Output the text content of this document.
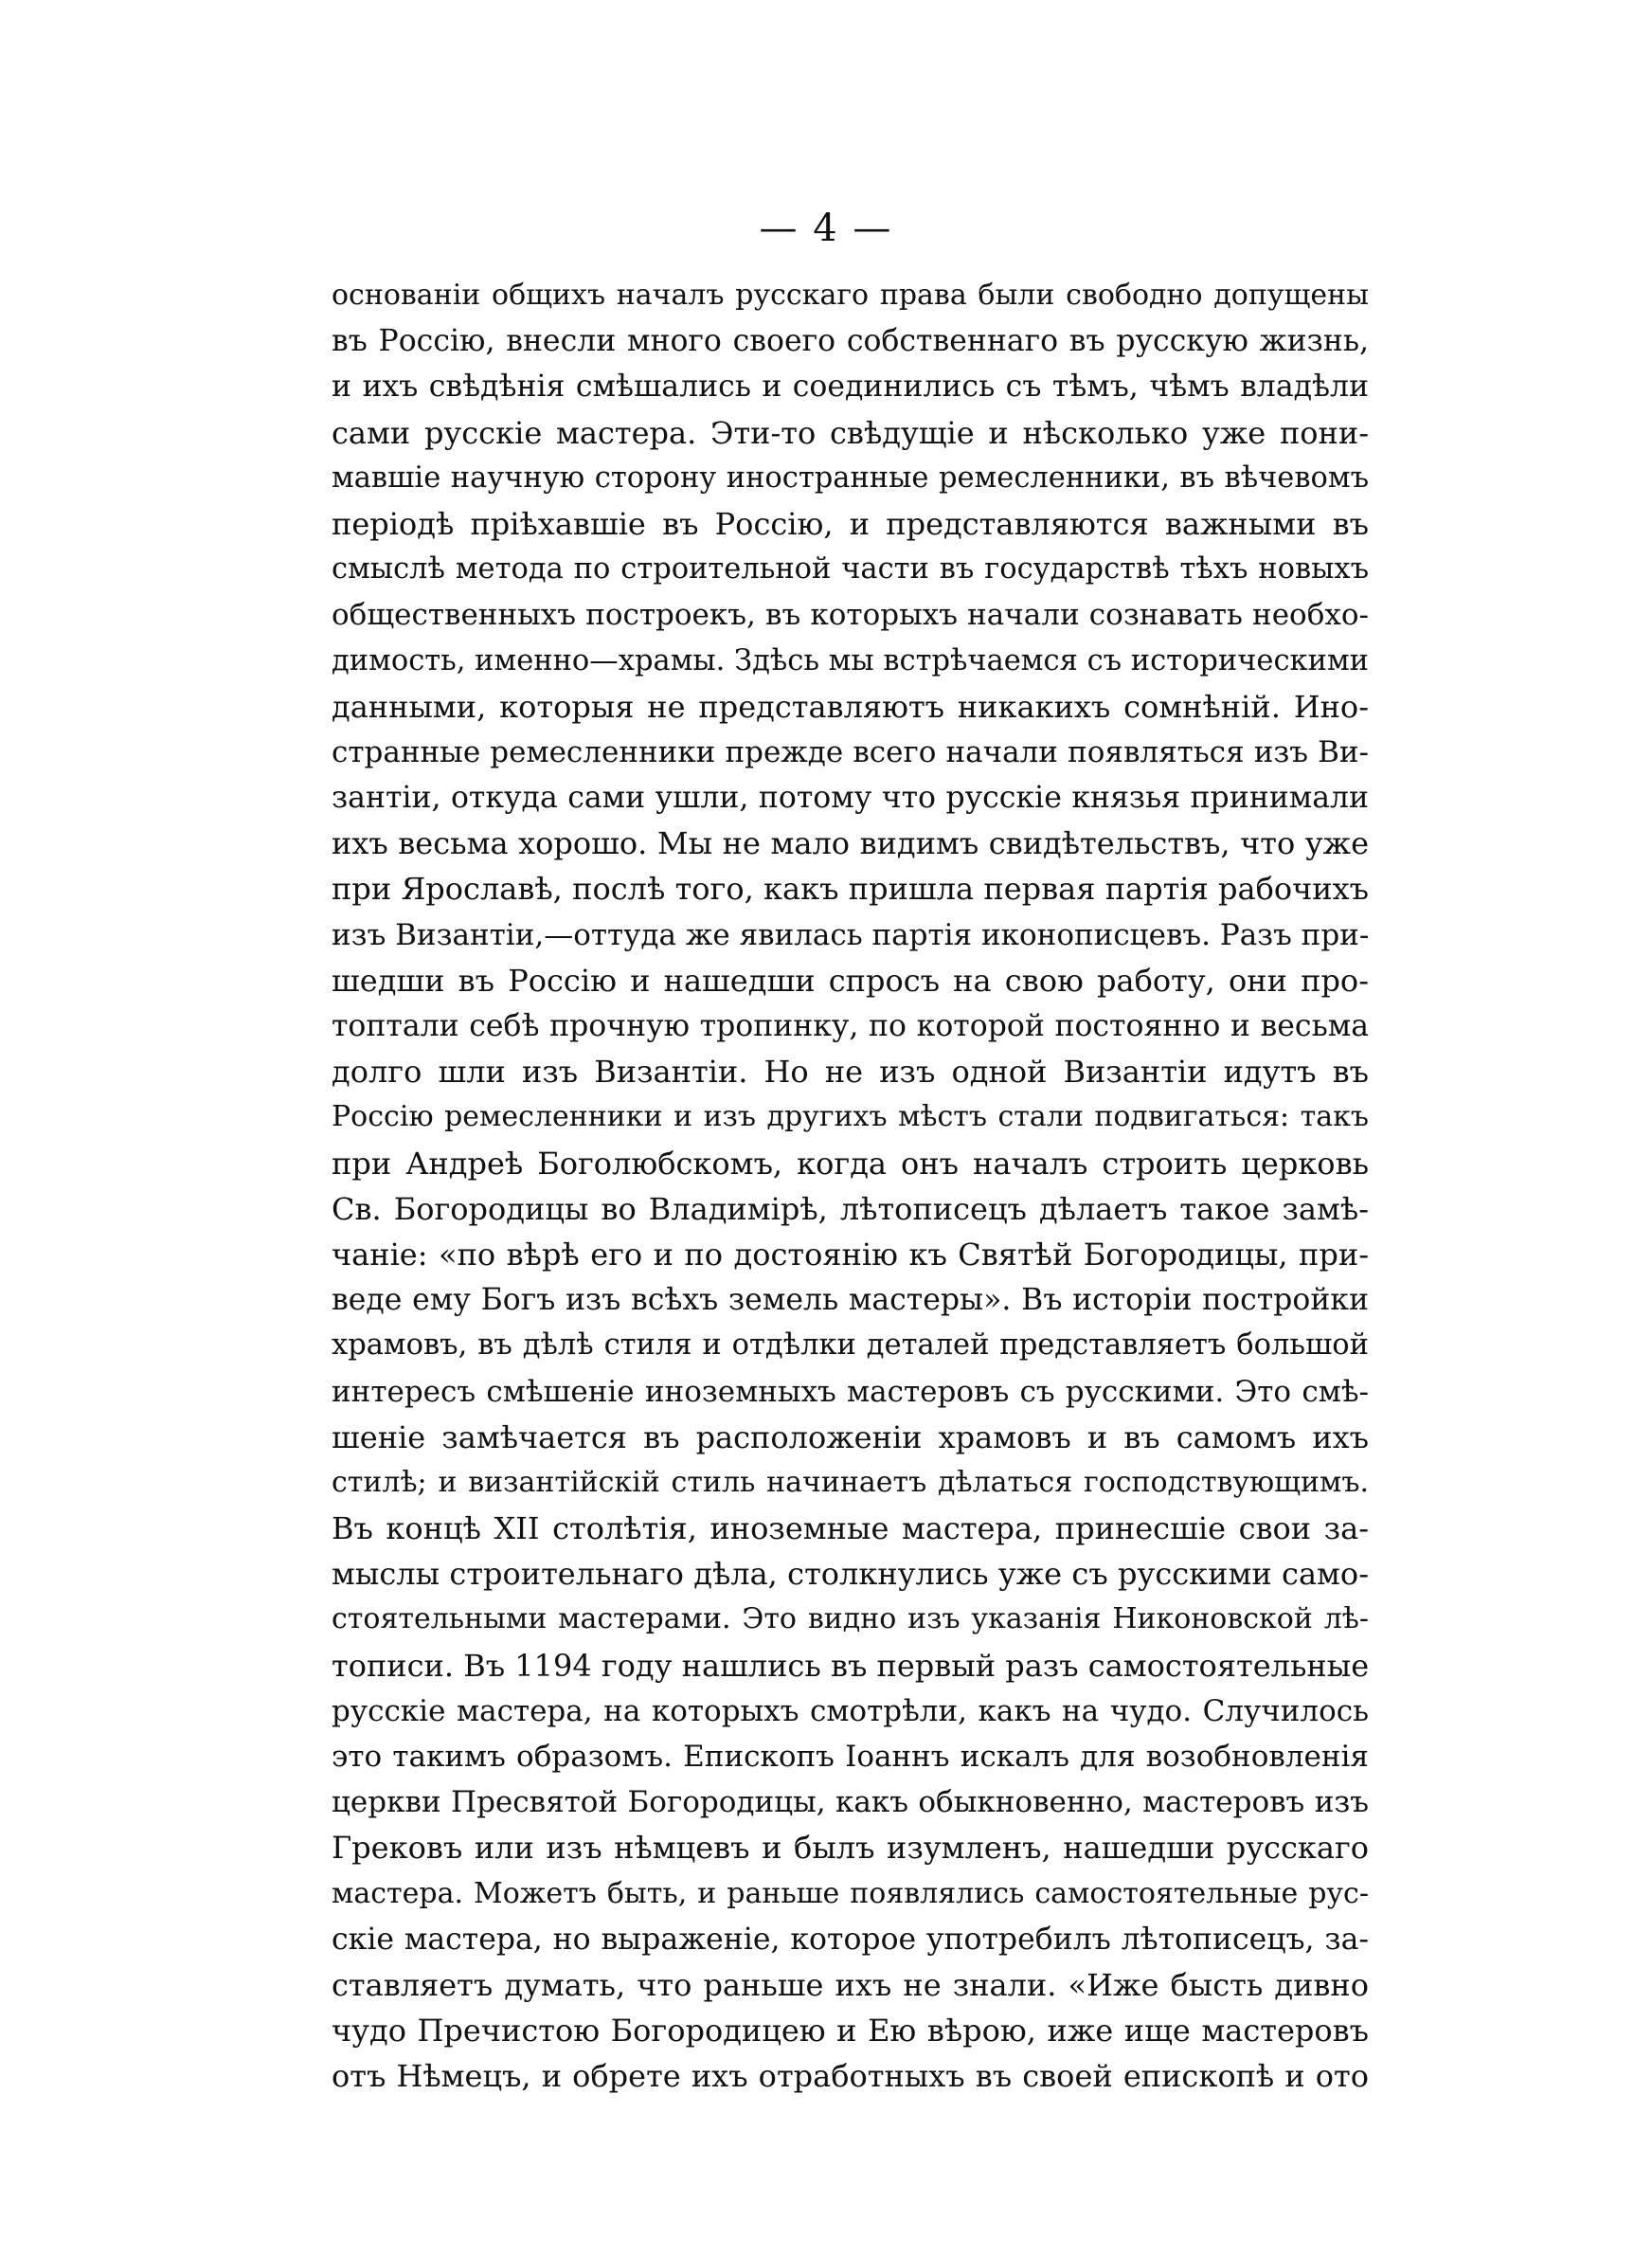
— 4 —
основанiи общихъ началъ русскаго права были свободно допущены
въ Россiю, внесли много своего собственнаго въ русскую жизнь,
и ихъ свѣдѣнiя смѣшались и соединились съ тѣмъ, чѣмъ владѣли
сами русскiе мастера. Эти-то свѣдущiе и нѣсколько уже пони-
мавшiе научную сторону иностранные ремесленники, въ вѣчевомъ
перiодѣ прiѣхавшiе въ Россiю, и представляются важными въ
смыслѣ метода по строительной части въ государствѣ тѣхъ новыхъ
общественныхъ построекъ, въ которыхъ начали сознавать необхо-
димость, именно—храмы. Здѣсь мы встрѣчаемся съ историческими
данными, которыя не представляютъ никакихъ сомнѣнiй. Ино-
странные ремесленники прежде всего начали появляться изъ Ви-
зантiи, откуда сами ушли, потому что русскiе князья принимали
ихъ весьма хорошо. Мы не мало видимъ свидѣтельствъ, что уже
при Ярославѣ, послѣ того, какъ пришла первая партiя рабочихъ
изъ Византiи,—оттуда же явилась партiя иконописцевъ. Разъ при-
шедши въ Россiю и нашедши спросъ на свою работу, они про-
топтали себѣ прочную тропинку, по которой постоянно и весьма
долго шли изъ Византiи. Но не изъ одной Византiи идутъ въ
Россiю ремесленники и изъ другихъ мѣстъ стали подвигаться: такъ
при Андреѣ Боголюбскомъ, когда онъ началъ строить церковь
Св. Богородицы во Владимiрѣ, лѣтописецъ дѣлаетъ такое замѣ-
чанiе: «по вѣрѣ его и по достоянiю къ Святѣй Богородицы, при-
веде ему Богъ изъ всѣхъ земель мастеры». Въ исторiи постройки
храмовъ, въ дѣлѣ стиля и отдѣлки деталей представляетъ большой
интересъ смѣшенiе иноземныхъ мастеровъ съ русскими. Это смѣ-
шенiе замѣчается въ расположенiи храмовъ и въ самомъ ихъ
стилѣ; и византiйскiй стиль начинаетъ дѣлаться господствующимъ.
Въ концѣ XII столѣтiя, иноземные мастера, принесшiе свои за-
мыслы строительнаго дѣла, столкнулись уже съ русскими само-
стоятельными мастерами. Это видно изъ указанiя Никоновской лѣ-
тописи. Въ 1194 году нашлись въ первый разъ самостоятельные
русскiе мастера, на которыхъ смотрѣли, какъ на чудо. Случилось
это такимъ образомъ. Епископъ Iоаннъ искалъ для возобновленiя
церкви Пресвятой Богородицы, какъ обыкновенно, мастеровъ изъ
Грековъ или изъ нѣмцевъ и былъ изумленъ, нашедши русскаго
мастера. Можетъ быть, и раньше появлялись самостоятельные рус-
скiе мастера, но выраженiе, которое употребилъ лѣтописецъ, за-
ставляетъ думать, что раньше ихъ не знали. «Иже бысть дивно
чудо Пречистою Богородицею и Ею вѣрою, иже ище мастеровъ
отъ Нѣмецъ, и обрете ихъ отработныхъ въ своей епископѣ и ото
